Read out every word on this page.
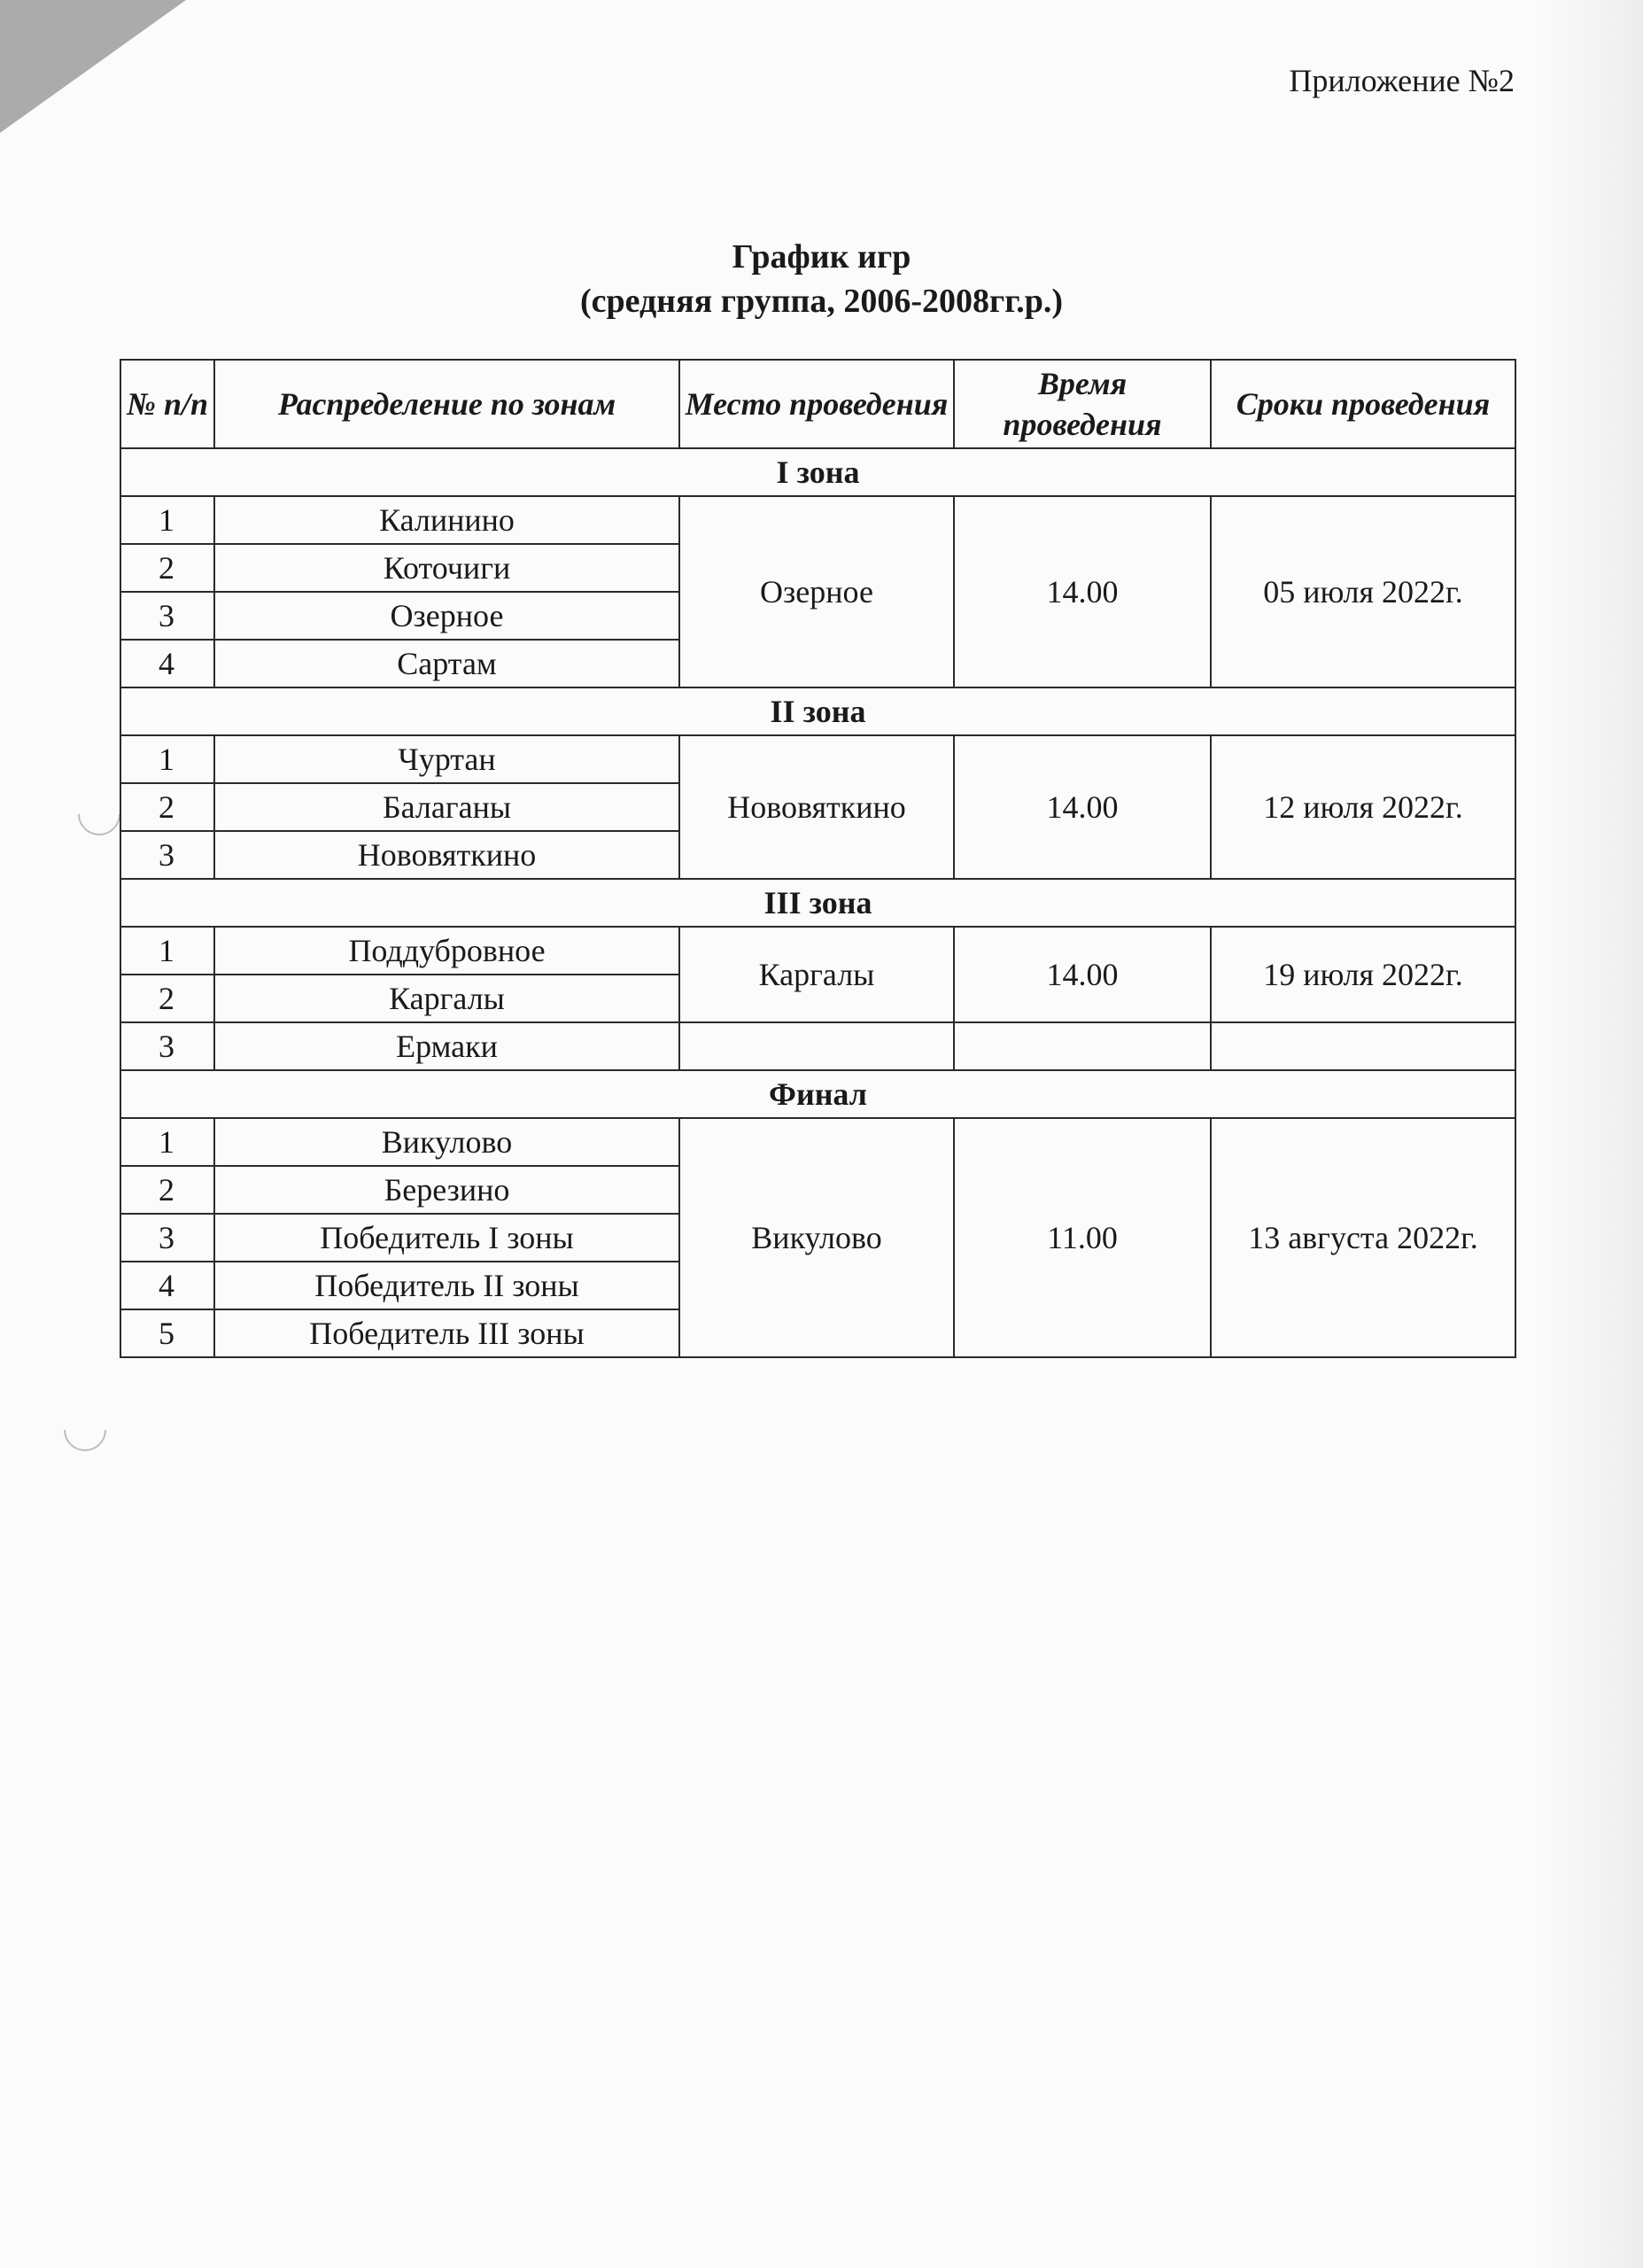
Приложение №2
График игр
(средняя группа, 2006-2008гг.р.)
№ п/п	Распределение по зонам	Место проведения	Время проведения	Сроки проведения
I зона				
1	Калинино	Озерное	14.00	05 июля 2022г.
2	Коточиги			
3	Озерное			
4	Сартам			
II зона				
1	Чуртан	Нововяткино	14.00	12 июля 2022г.
2	Балаганы			
3	Нововяткино			
III зона				
1	Поддубровное	Каргалы	14.00	19 июля 2022г.
2	Каргалы			
3	Ермаки			
Финал				
1	Викулово	Викулово	11.00	13 августа 2022г.
2	Березино			
3	Победитель I зоны			
4	Победитель II зоны			
5	Победитель III зоны			
